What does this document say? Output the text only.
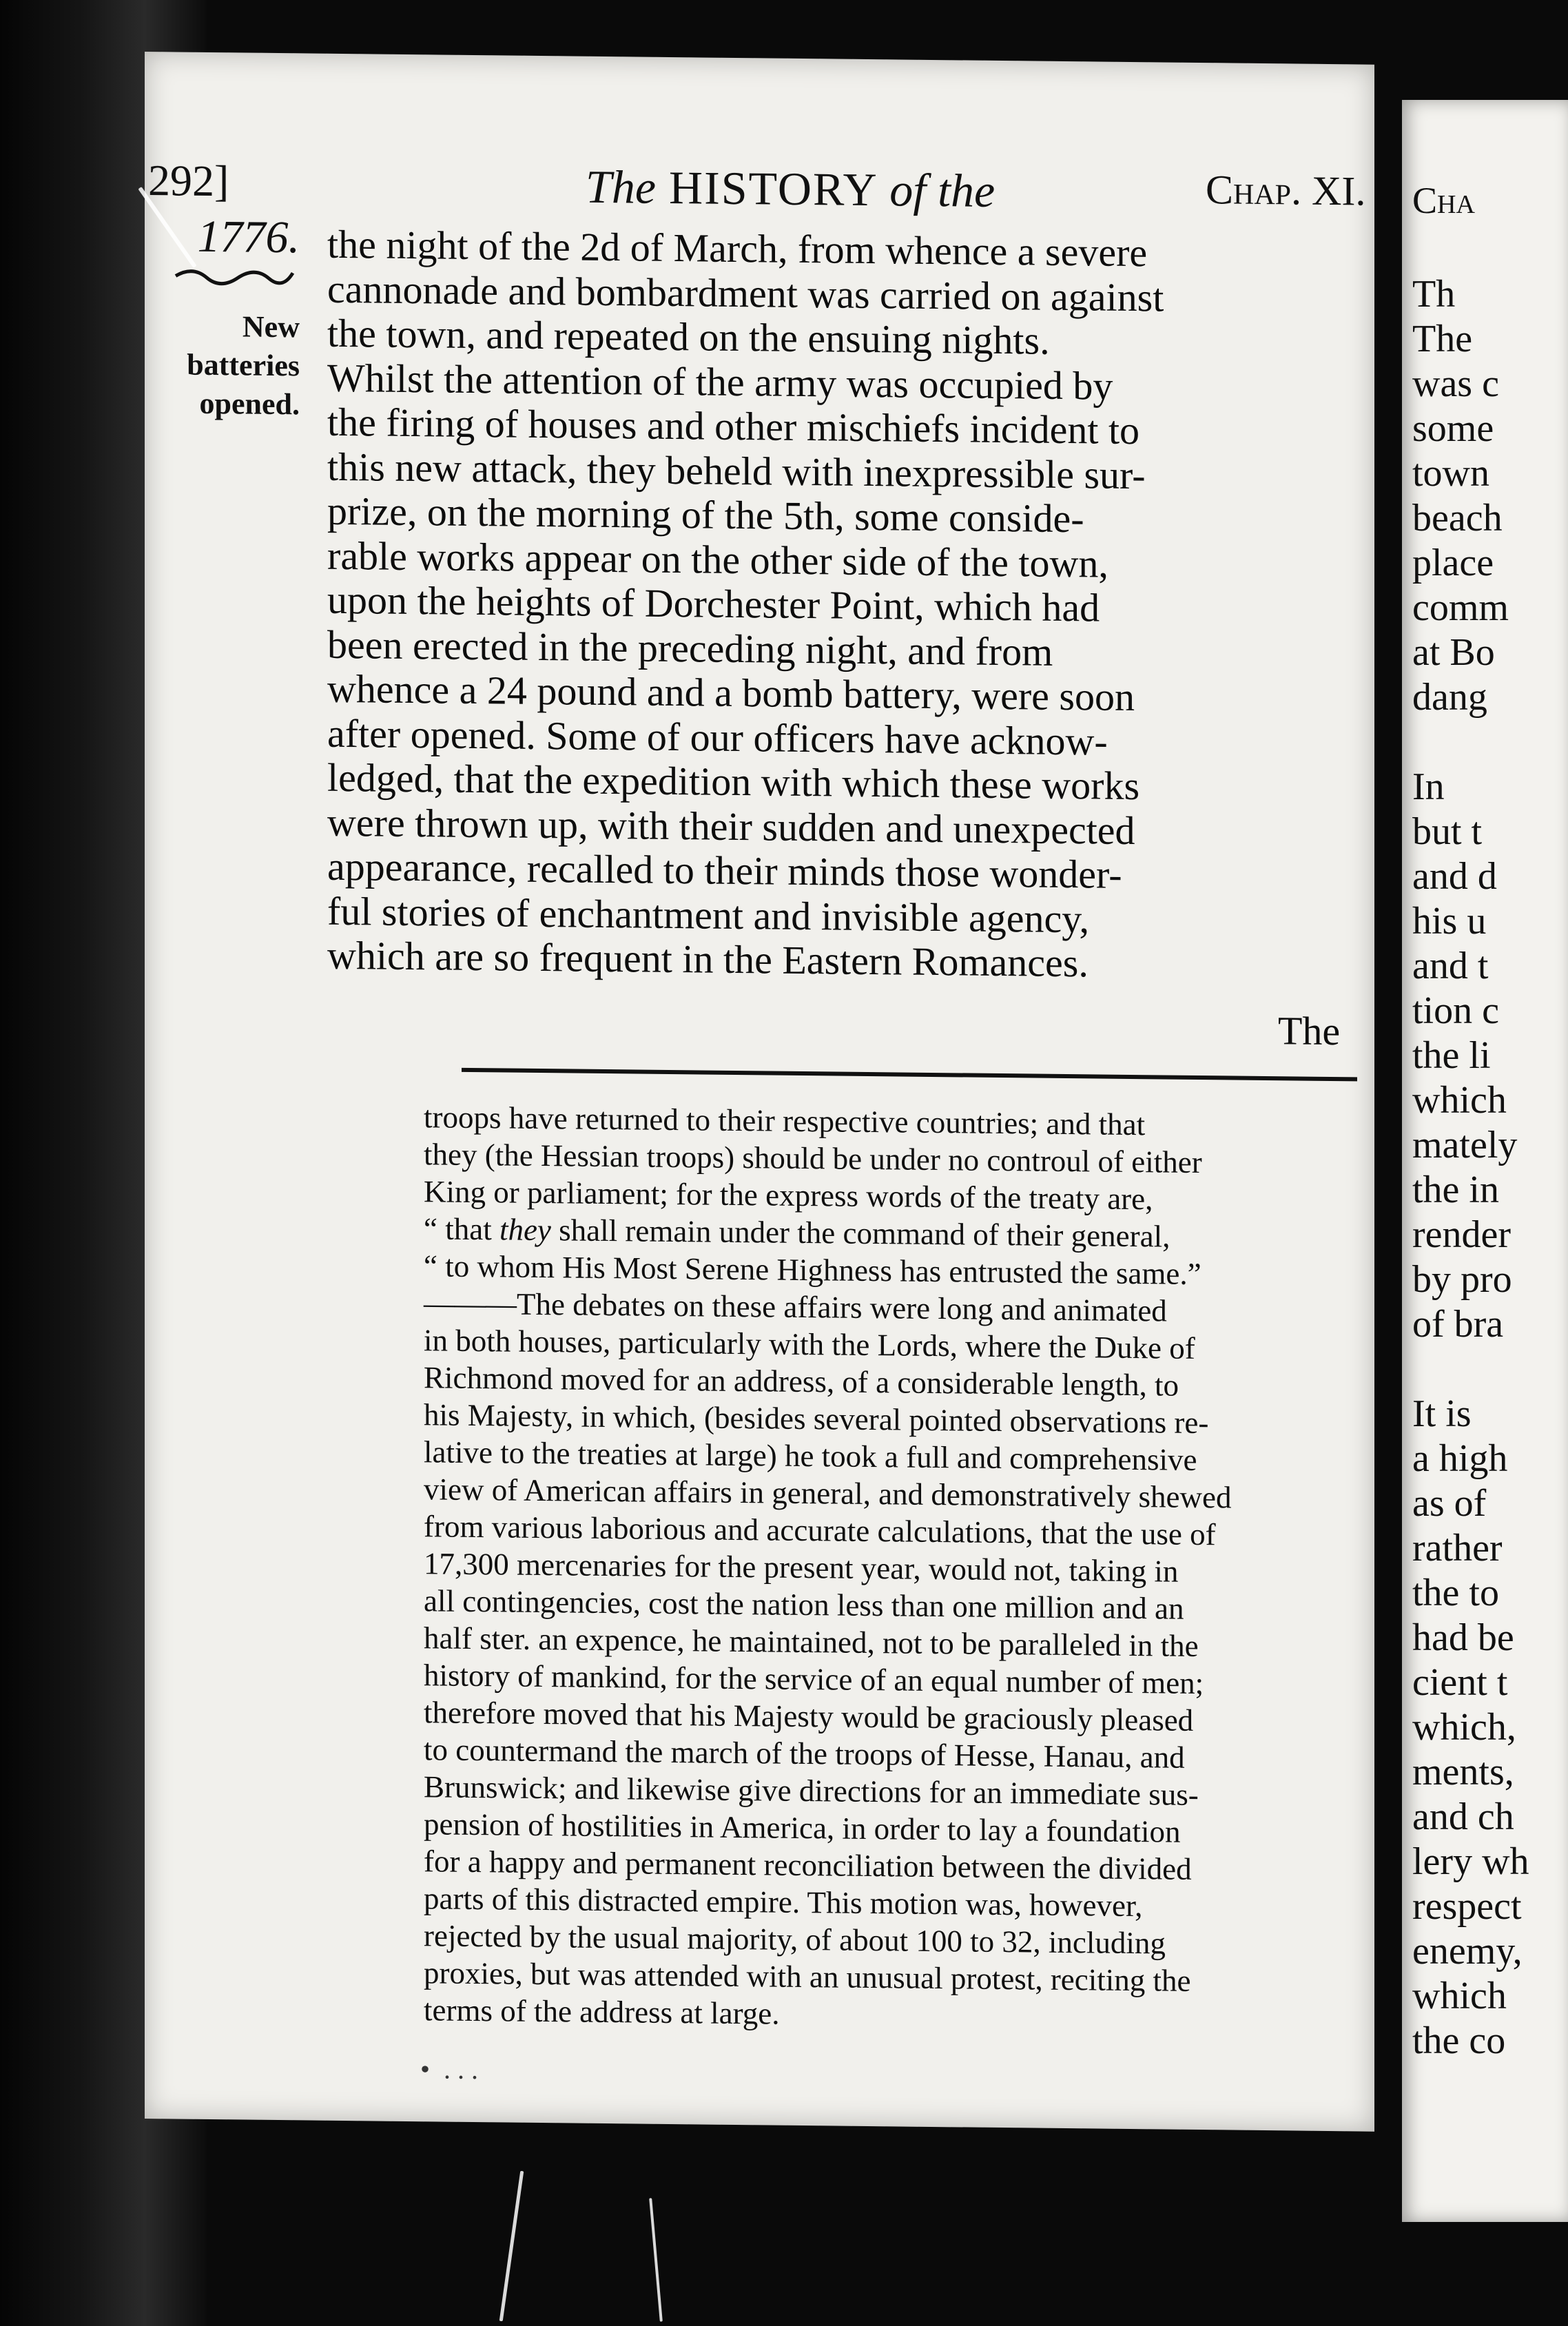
292]	The HISTORY of the	Chap. XI.
1776.
New
batteries
opened.
the night of the 2d of March, from whence a severe
cannonade and bombardment was carried on against
the town, and repeated on the ensuing nights.
Whilst the attention of the army was occupied by
the firing of houses and other mischiefs incident to
this new attack, they beheld with inexpressible sur-
prize, on the morning of the 5th, some conside-
rable works appear on the other side of the town,
upon the heights of Dorchester Point, which had
been erected in the preceding night, and from
whence a 24 pound and a bomb battery, were soon
after opened. Some of our officers have acknow-
ledged, that the expedition with which these works
were thrown up, with their sudden and unexpected
appearance, recalled to their minds those wonder-
ful stories of enchantment and invisible agency,
which are so frequent in the Eastern Romances.
The
troops have returned to their respective countries; and that
they (the Hessian troops) should be under no controul of either
King or parliament; for the express words of the treaty are,
“ that they shall remain under the command of their general,
“ to whom His Most Serene Highness has entrusted the same.”
———The debates on these affairs were long and animated
in both houses, particularly with the Lords, where the Duke of
Richmond moved for an address, of a considerable length, to
his Majesty, in which, (besides several pointed observations re-
lative to the treaties at large) he took a full and comprehensive
view of American affairs in general, and demonstratively shewed
from various laborious and accurate calculations, that the use of
17,300 mercenaries for the present year, would not, taking in
all contingencies, cost the nation less than one million and an
half ster. an expence, he maintained, not to be paralleled in the
history of mankind, for the service of an equal number of men;
therefore moved that his Majesty would be graciously pleased
to countermand the march of the troops of Hesse, Hanau, and
Brunswick; and likewise give directions for an immediate sus-
pension of hostilities in America, in order to lay a foundation
for a happy and permanent reconciliation between the divided
parts of this distracted empire. This motion was, however,
rejected by the usual majority, of about 100 to 32, including
proxies, but was attended with an unusual protest, reciting the
terms of the address at large.
•  . . .
Cha
Th
The
was c
some
town
beach
place
comm
at Bo
dang
In
but t
and d
his u
and t
tion c
the li
which
mately
the in
render
by pro
of bra
It is
a high
as of
rather
the to
had be
cient t
which,
ments,
and ch
lery wh
respect
enemy,
which
the co
